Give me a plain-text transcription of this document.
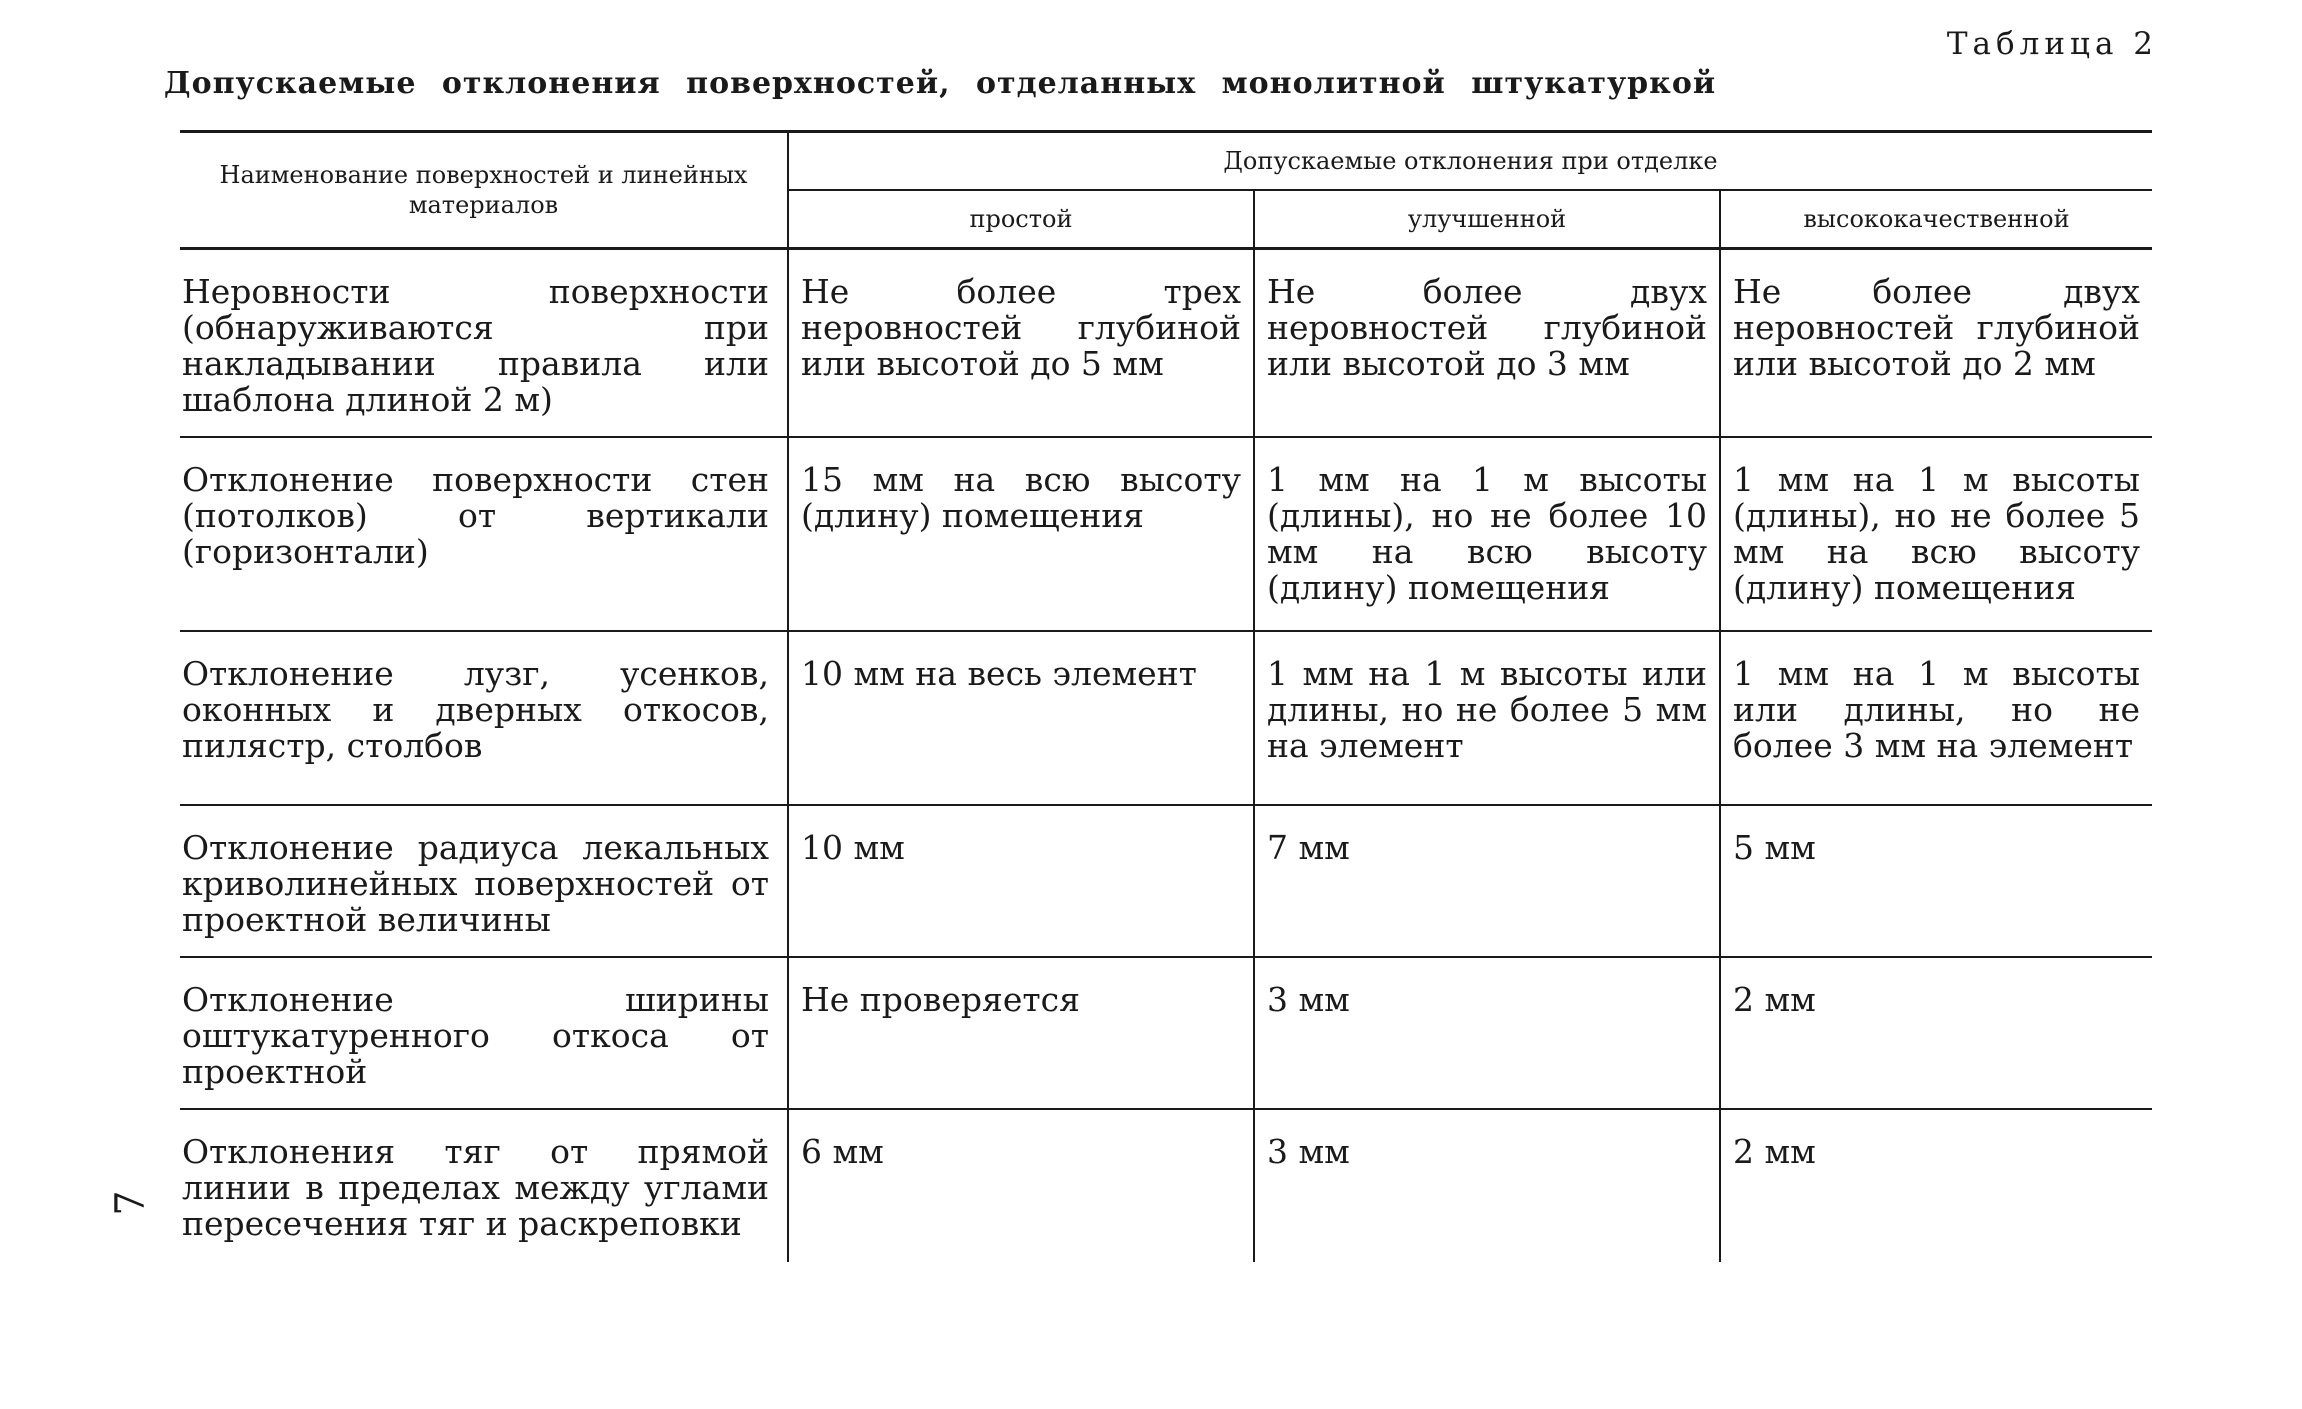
Таблица 2
Допускаемые отклонения поверхностей, отделанных монолитной штукатуркой
Наименование поверхностей и линейных материалов	Допускаемые отклонения при отделке		
	простой	улучшенной	высококачественной
Неровности поверхности (обнаруживаются при накладывании правила или шаблона длиной 2 м)	Не более трех неровностей глубиной или высотой до 5 мм	Не более двух неровностей глубиной или высотой до 3 мм	Не более двух неровностей глубиной или высотой до 2 мм
Отклонение поверхности стен (потолков) от вертикали (горизонтали)	15 мм на всю высоту (длину) помещения	1 мм на 1 м высоты (длины), но не более 10 мм на всю высоту (длину) помещения	1 мм на 1 м высоты (длины), но не более 5 мм на всю высоту (длину) помещения
Отклонение лузг, усенков, оконных и дверных откосов, пилястр, столбов	10 мм на весь элемент	1 мм на 1 м высоты или длины, но не более 5 мм на элемент	1 мм на 1 м высоты или длины, но не более 3 мм на элемент
Отклонение радиуса лекальных криволинейных поверхностей от проектной величины	10 мм	7 мм	5 мм
Отклонение ширины оштукатуренного откоса от проектной	Не проверяется	3 мм	2 мм
Отклонения тяг от прямой линии в пределах между углами пересечения тяг и раскреповки	6 мм	3 мм	2 мм
7
